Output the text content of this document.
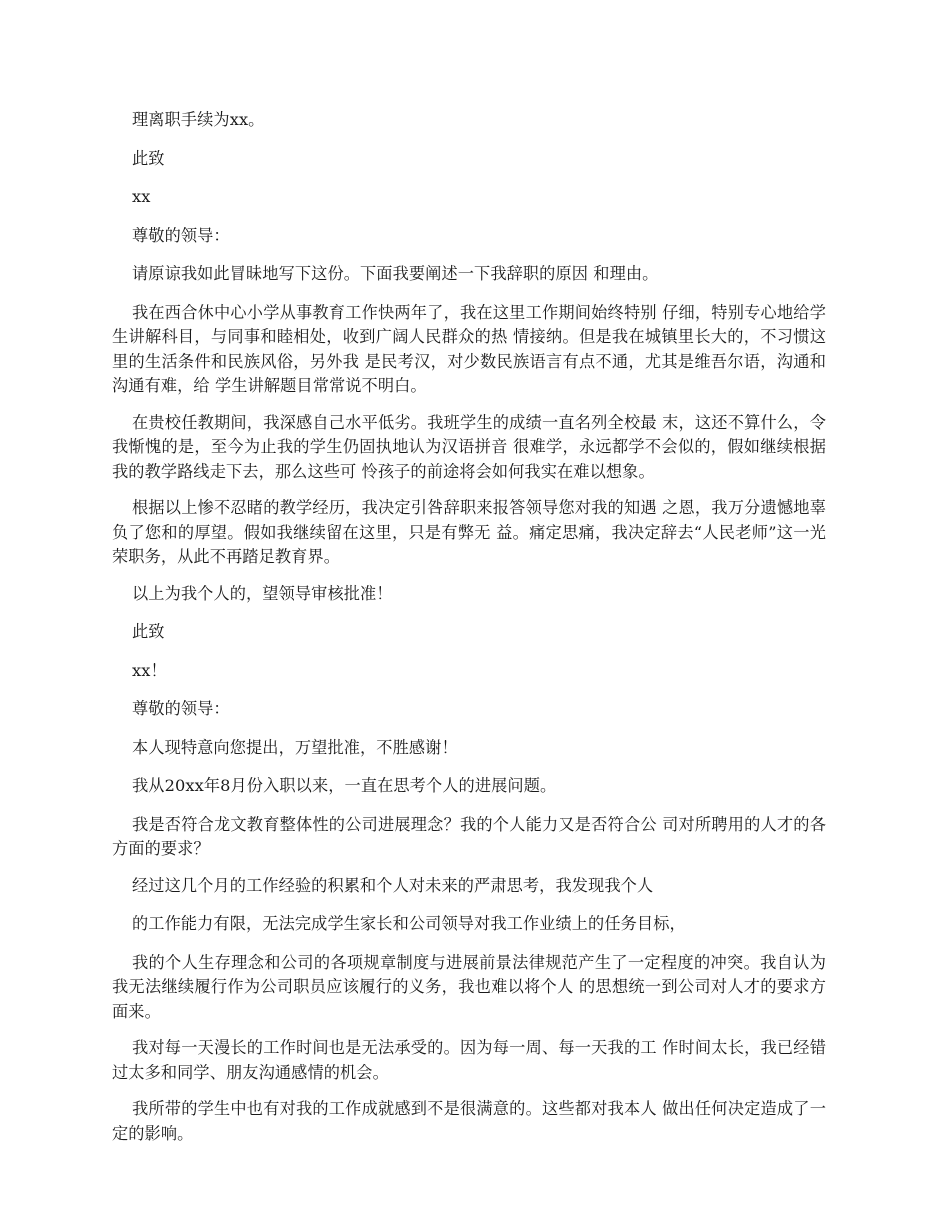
理离职手续为xx。

此致

xx

尊敬的领导：

请原谅我如此冒昧地写下这份。下面我要阐述一下我辞职的原因 和理由。

我在西合休中心小学从事教育工作快两年了，我在这里工作期间始终特别 仔细，特别专心地给学生讲解科目，与同事和睦相处，收到广阔人民群众的热 情接纳。但是我在城镇里长大的，不习惯这里的生活条件和民族风俗，另外我 是民考汉，对少数民族语言有点不通，尤其是维吾尔语，沟通和沟通有难，给 学生讲解题目常常说不明白。

在贵校任教期间，我深感自己水平低劣。我班学生的成绩一直名列全校最 末，这还不算什么，令我惭愧的是，至今为止我的学生仍固执地认为汉语拼音 很难学，永远都学不会似的，假如继续根据我的教学路线走下去，那么这些可 怜孩子的前途将会如何我实在难以想象。

根据以上惨不忍睹的教学经历，我决定引咎辞职来报答领导您对我的知遇 之恩，我万分遗憾地辜负了您和的厚望。假如我继续留在这里，只是有弊无 益。痛定思痛，我决定辞去“人民老师”这一光荣职务，从此不再踏足教育界。

以上为我个人的，望领导审核批准！

此致

xx！

尊敬的领导：

本人现特意向您提出，万望批准，不胜感谢！

我从20xx年8月份入职以来，一直在思考个人的进展问题。

我是否符合龙文教育整体性的公司进展理念？我的个人能力又是否符合公 司对所聘用的人才的各方面的要求？

经过这几个月的工作经验的积累和个人对未来的严肃思考，我发现我个人

的工作能力有限，无法完成学生家长和公司领导对我工作业绩上的任务目标，

我的个人生存理念和公司的各项规章制度与进展前景法律规范产生了一定程度的冲突。我自认为我无法继续履行作为公司职员应该履行的义务，我也难以将个人 的思想统一到公司对人才的要求方面来。

我对每一天漫长的工作时间也是无法承受的。因为每一周、每一天我的工 作时间太长，我已经错过太多和同学、朋友沟通感情的机会。

我所带的学生中也有对我的工作成就感到不是很满意的。这些都对我本人 做出任何决定造成了一定的影响。
